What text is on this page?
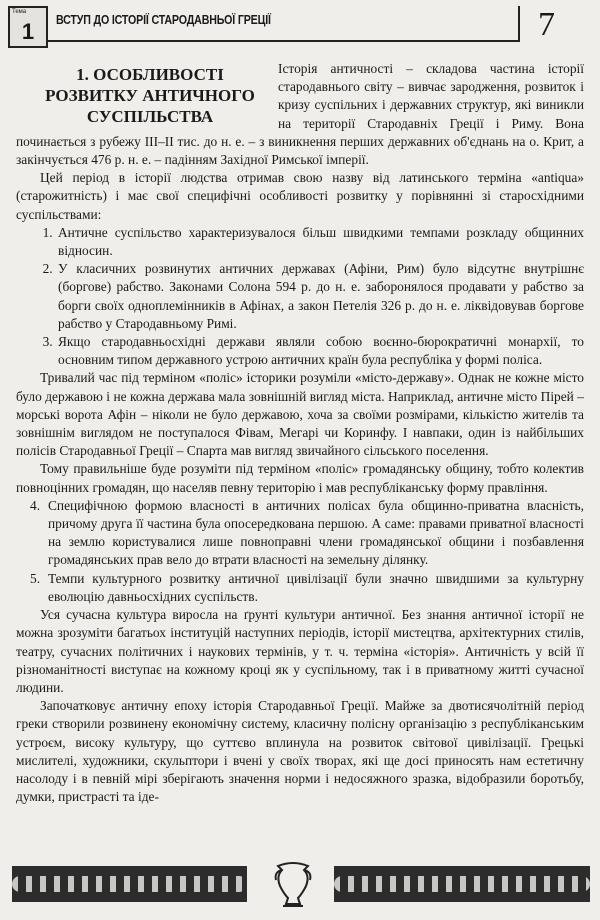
Тема
1	ВСТУП ДО ІСТОРІЇ СТАРОДАВНЬОЇ ГРЕЦІЇ	7
1. ОСОБЛИВОСТІ
РОЗВИТКУ АНТИЧНОГО
СУСПІЛЬСТВА

Історія античності – складова частина історії стародавнього світу – вивчає зародження, розвиток і кризу суспільних і державних структур, які виникли на території Стародавніх Греції і Риму. Вона починається з рубежу III–II тис. до н. е. – з виникнення перших державних об'єднань на о. Крит, а закінчується 476 р. н. е. – падінням Західної Римської імперії.

Цей період в історії людства отримав свою назву від латинського терміна «antiqua» (старожитність) і має свої специфічні особливості розвитку у порівнянні зі старосхідними суспільствами:

1. Античне суспільство характеризувалося більш швидкими темпами розкладу общинних відносин.
2. У класичних розвинутих античних державах (Афіни, Рим) було відсутнє внутрішнє (боргове) рабство. Законами Солона 594 р. до н. е. заборонялося продавати у рабство за борги своїх одноплемінників в Афінах, а закон Петелія 326 р. до н. е. ліквідовував боргове рабство у Стародавньому Римі.
3. Якщо стародавньосхідні держави являли собою воєнно-бюрократичні монархії, то основним типом державного устрою античних країн була республіка у формі поліса.

Тривалий час під терміном «поліс» історики розуміли «місто-державу». Однак не кожне місто було державою і не кожна держава мала зовнішній вигляд міста. Наприклад, античне місто Пірей – морські ворота Афін – ніколи не було державою, хоча за своїми розмірами, кількістю жителів та зовнішнім виглядом не поступалося Фівам, Мегарі чи Коринфу. І навпаки, один із найбільших полісів Стародавньої Греції – Спарта мав вигляд звичайного сільського поселення.

Тому правильніше буде розуміти під терміном «поліс» громадянську общину, тобто колектив повноцінних громадян, що населяв певну територію і мав республіканську форму правління.

4. Специфічною формою власності в античних полісах була общинно-приватна власність, причому друга її частина була опосередкована першою. А саме: правами приватної власності на землю користувалися лише повноправні члени громадянської общини і позбавлення громадянських прав вело до втрати власності на земельну ділянку.
5. Темпи культурного розвитку античної цивілізації були значно швидшими за культурну еволюцію давньосхідних суспільств.

Уся сучасна культура виросла на ґрунті культури античної. Без знання античної історії не можна зрозуміти багатьох інституцій наступних періодів, історії мистецтва, архітектурних стилів, театру, сучасних політичних і наукових термінів, у т. ч. терміна «історія». Античність у всій її різноманітності виступає на кожному кроці як у суспільному, так і в приватному житті сучасної людини.

Започатковує античну епоху історія Стародавньої Греції. Майже за двотисячолітній період греки створили розвинену економічну систему, класичну полісну організацію з республіканським устроєм, високу культуру, що суттєво вплинула на розвиток світової цивілізації. Грецькі мислителі, художники, скульптори і вчені у своїх творах, які ще досі приносять нам естетичну насолоду і в певній мірі зберігають значення норми і недосяжного зразка, відобразили боротьбу, думки, пристрасті та іде-
